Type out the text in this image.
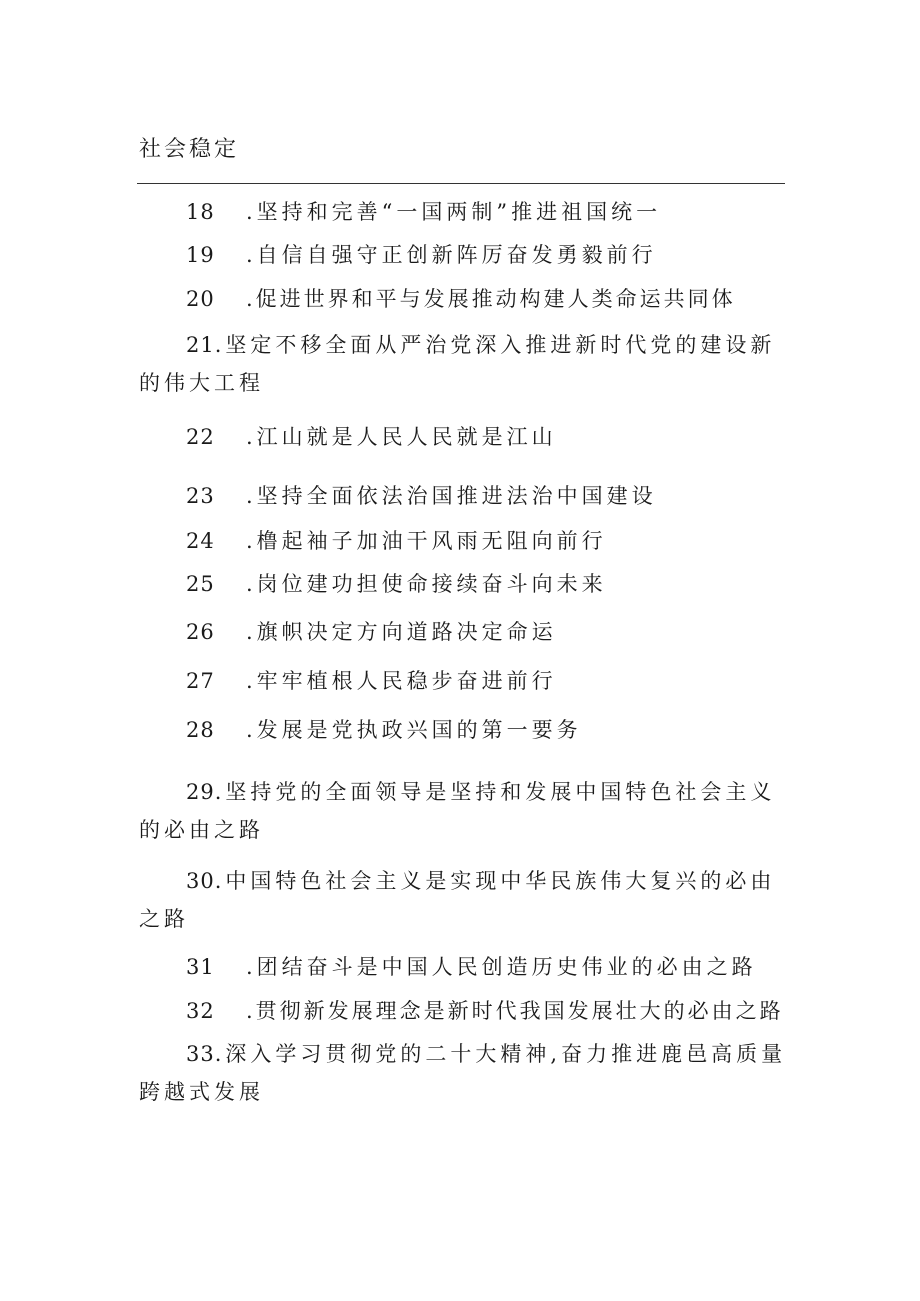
社会稳定
18 .坚持和完善“一国两制”推进祖国统一
19 .自信自强守正创新阵厉奋发勇毅前行
20 .促进世界和平与发展推动构建人类命运共同体
21.坚定不移全面从严治党深入推进新时代党的建设新的伟大工程
22 .江山就是人民人民就是江山
23 .坚持全面依法治国推进法治中国建设
24 .橹起袖子加油干风雨无阻向前行
25 .岗位建功担使命接续奋斗向未来
26 .旗帜决定方向道路决定命运
27 .牢牢植根人民稳步奋进前行
28 .发展是党执政兴国的第一要务
29.坚持党的全面领导是坚持和发展中国特色社会主义的必由之路
30.中国特色社会主义是实现中华民族伟大复兴的必由之路
31 .团结奋斗是中国人民创造历史伟业的必由之路
32 .贯彻新发展理念是新时代我国发展壮大的必由之路
33.深入学习贯彻党的二十大精神,奋力推进鹿邑高质量跨越式发展
